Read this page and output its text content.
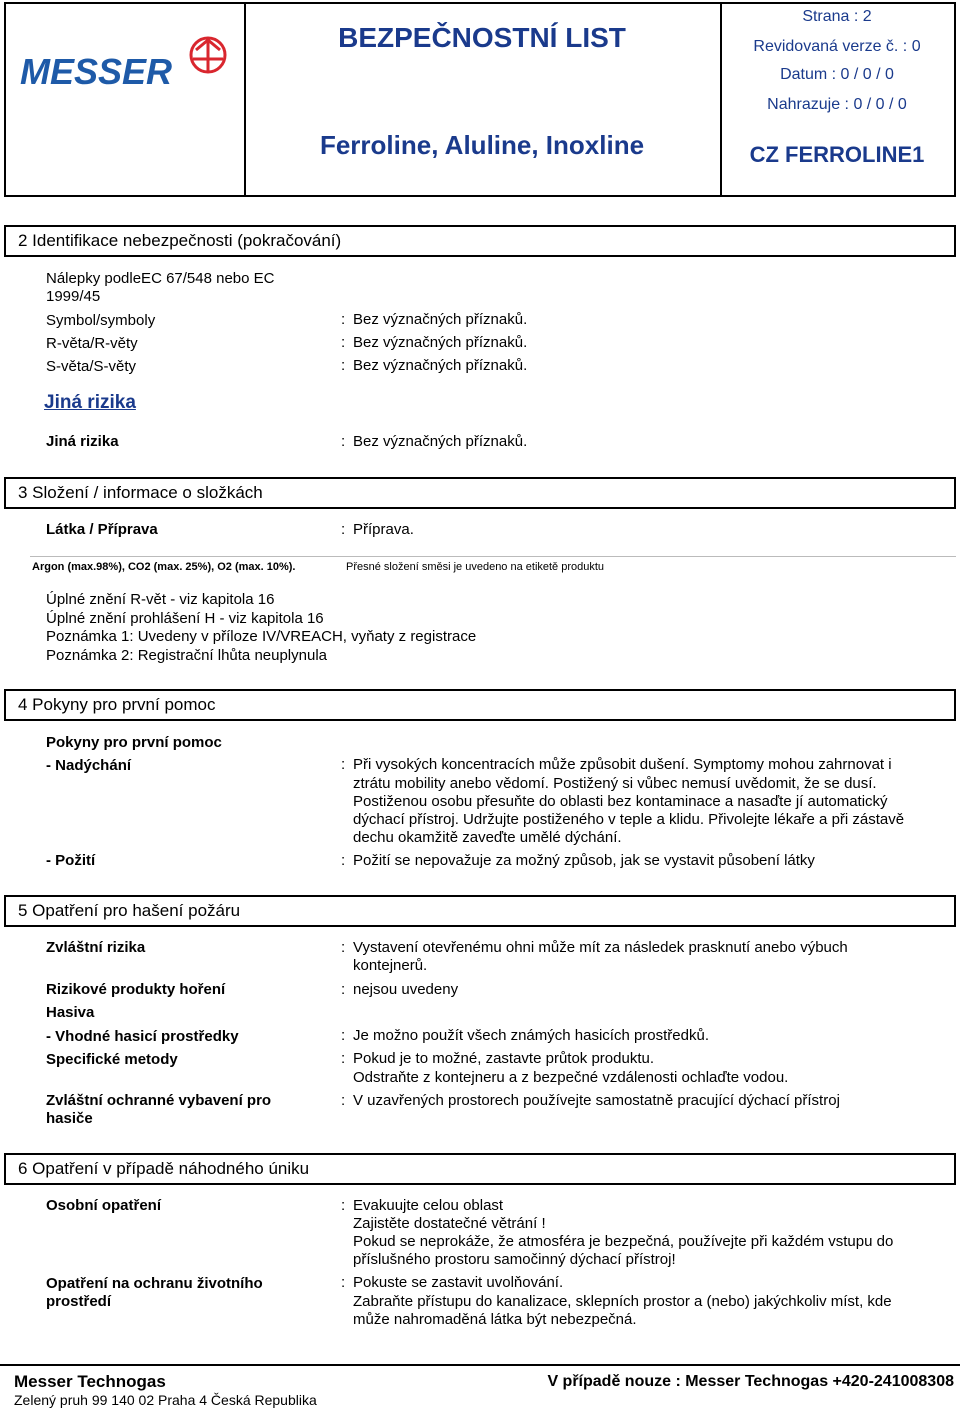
MESSER
BEZPEČNOSTNÍ LIST
Ferroline, Aluline, Inoxline
Strana : 2
Revidovaná verze č. : 0
Datum : 0 / 0 / 0
Nahrazuje : 0 / 0 / 0
CZ FERROLINE1
2 Identifikace nebezpečnosti (pokračování)
Nálepky podleEC 67/548 nebo EC
1999/45
Symbol/symboly	: Bez význačných příznaků.
R-věta/R-věty	: Bez význačných příznaků.
S-věta/S-věty	: Bez význačných příznaků.
Jiná rizika
Jiná rizika	: Bez význačných příznaků.
3 Složení / informace o složkách
Látka / Příprava	: Příprava.
Argon (max.98%), CO2 (max. 25%), O2 (max. 10%).	Přesné složení směsi je uvedeno na etiketě produktu
Úplné znění R-vět - viz kapitola 16
Úplné znění prohlášení H - viz kapitola 16
Poznámka 1: Uvedeny v příloze IV/VREACH, vyňaty z registrace
Poznámka 2: Registrační lhůta neuplynula
4 Pokyny pro první pomoc
Pokyny pro první pomoc
- Nadýchání	: Při vysokých koncentracích může způsobit dušení. Symptomy mohou zahrnovat i
ztrátu mobility anebo vědomí. Postižený si vůbec nemusí uvědomit, že se dusí.
Postiženou osobu přesuňte do oblasti bez kontaminace a nasaďte jí automatický
dýchací přístroj. Udržujte postiženého v teple a klidu. Přivolejte lékaře a při zástavě
dechu okamžitě zaveďte umělé dýchání.
- Požití	: Požití se nepovažuje za možný způsob, jak se vystavit působení látky
5 Opatření pro hašení požáru
Zvláštní rizika	: Vystavení otevřenému ohni může mít za následek prasknutí anebo výbuch
kontejnerů.
Rizikové produkty hoření	: nejsou uvedeny
Hasiva
- Vhodné hasicí prostředky	: Je možno použít všech známých hasicích prostředků.
Specifické metody	: Pokud je to možné, zastavte průtok produktu.
Odstraňte z kontejneru a z bezpečné vzdálenosti ochlaďte vodou.
Zvláštní ochranné vybavení pro
hasiče
: V uzavřených prostorech používejte samostatně pracující dýchací přístroj
6 Opatření v případě náhodného úniku
Osobní opatření	: Evakuujte celou oblast
Zajistěte dostatečné větrání !
Pokud se neprokáže, že atmosféra je bezpečná, používejte při každém vstupu do
příslušného prostoru samočinný dýchací přístroj!
Opatření na ochranu životního
prostředí
: Pokuste se zastavit uvolňování.
Zabraňte přístupu do kanalizace, sklepních prostor a (nebo) jakýchkoliv míst, kde
může nahromaděná látka být nebezpečná.
Messer Technogas
Zelený pruh 99 140 02 Praha 4 Česká Republika
V případě nouze : Messer Technogas +420-241008308
